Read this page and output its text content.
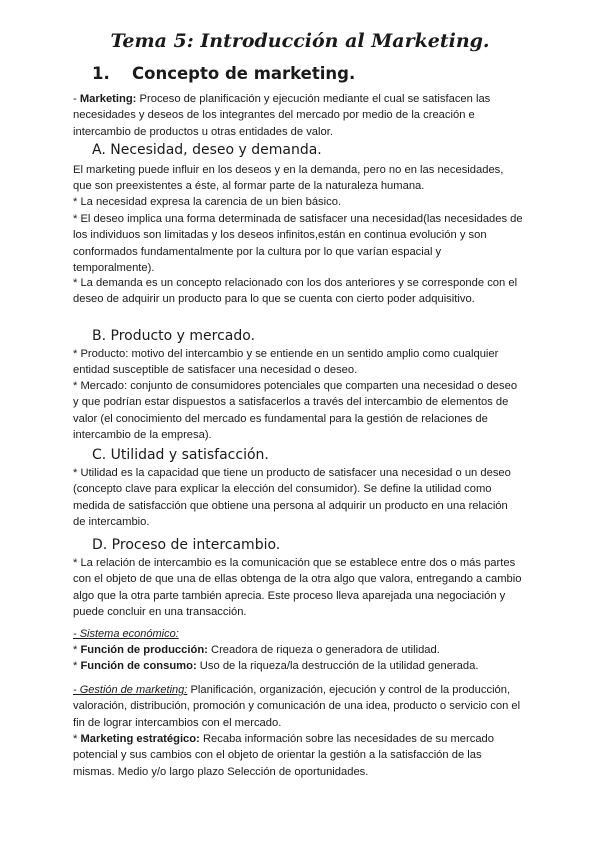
Tema 5: Introducción al Marketing.
1. Concepto de marketing.

- Marketing: Proceso de planificación y ejecución mediante el cual se satisfacen las necesidades y deseos de los integrantes del mercado por medio de la creación e intercambio de productos u otras entidades de valor.

A. Necesidad, deseo y demanda.

El marketing puede influir en los deseos y en la demanda, pero no en las necesidades, que son preexistentes a éste, al formar parte de la naturaleza humana.

* La necesidad expresa la carencia de un bien básico.

* El deseo implica una forma determinada de satisfacer una necesidad(las necesidades de los individuos son limitadas y los deseos infinitos,están en continua evolución y son conformados fundamentalmente por la cultura por lo que varían espacial y temporalmente).

* La demanda es un concepto relacionado con los dos anteriores y se corresponde con el deseo de adquirir un producto para lo que se cuenta con cierto poder adquisitivo.

B. Producto y mercado.

* Producto: motivo del intercambio y se entiende en un sentido amplio como cualquier entidad susceptible de satisfacer una necesidad o deseo.

* Mercado: conjunto de consumidores potenciales que comparten una necesidad o deseo y que podrían estar dispuestos a satisfacerlos a través del intercambio de elementos de valor (el conocimiento del mercado es fundamental para la gestión de relaciones de intercambio de la empresa).

C. Utilidad y satisfacción.

* Utilidad es la capacidad que tiene un producto de satisfacer una necesidad o un deseo (concepto clave para explicar la elección del consumidor). Se define la utilidad como medida de satisfacción que obtiene una persona al adquirir un producto en una relación de intercambio.

D. Proceso de intercambio.

* La relación de intercambio es la comunicación que se establece entre dos o más partes con el objeto de que una de ellas obtenga de la otra algo que valora, entregando a cambio algo que la otra parte también aprecia. Este proceso lleva aparejada una negociación y puede concluir en una transacción.

- Sistema económico:

* Función de producción: Creadora de riqueza o generadora de utilidad.

* Función de consumo: Uso de la riqueza/la destrucción de la utilidad generada.

- Gestión de marketing: Planificación, organización, ejecución y control de la producción, valoración, distribución, promoción y comunicación de una idea, producto o servicio con el fin de lograr intercambios con el mercado.

* Marketing estratégico: Recaba información sobre las necesidades de su mercado potencial y sus cambios con el objeto de orientar la gestión a la satisfacción de las mismas. Medio y/o largo plazo Selección de oportunidades.
